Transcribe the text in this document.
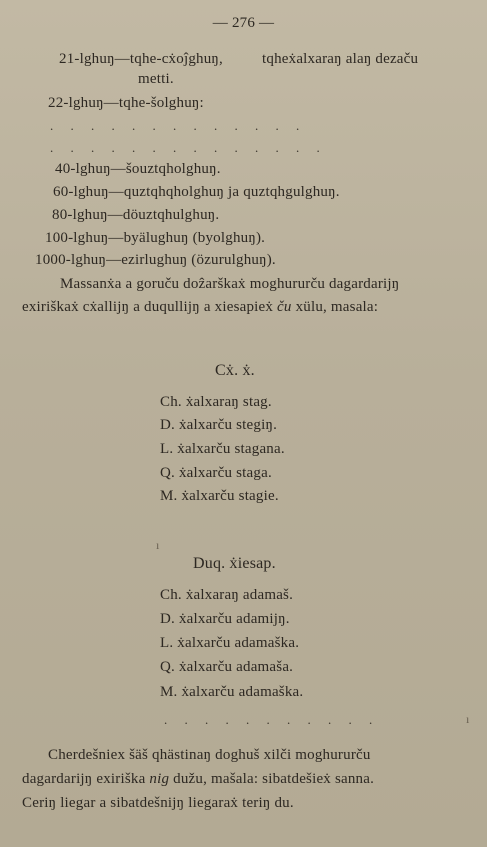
— 276 —
21-lghuŋ—tqhe-cẋoĵghuŋ,	tqheẋalxaraŋ alaŋ dezaču
metti.
22-lghuŋ—tqhe-šolghuŋ:
. . . . . . . . . . . . .
. . . . . . . . . . . . . .
40-lghuŋ—šouztqholghuŋ.
60-lghuŋ—quztqhqholghuŋ ja quztqhgulghuŋ.
80-lghuŋ—döuztqhulghuŋ.
100-lghuŋ—byälughuŋ (byolghuŋ).
1000-lghuŋ—ezirlughuŋ (özurulghuŋ).
Massanẋa a goruču doẑarškaẋ moghururču dagardarijŋ
exiriškaẋ cẋallijŋ a duqullijŋ a xiesapieẋ ču xülu, masala:
Cẋ. ẋ.
Ch. ẋalxaraŋ stag.
D. ẋalxarču stegiŋ.
L. ẋalxarču stagana.
Q. ẋalxarču staga.
M. ẋalxarču stagie.
ı
Duq. ẋiesap.
Ch. ẋalxaraŋ adamaš.
D. ẋalxarču adamijŋ.
L. ẋalxarču adamaška.
Q. ẋalxarču adamaša.
M. ẋalxarču adamaška.
. . . . . . . . . . .	ı
Cherdešniex šäš qhästinaŋ doghuš xilči moghururču
dagardarijŋ exiriška nig dužu, mašala: sibatdešieẋ sanna.
Ceriŋ liegar a sibatdešnijŋ liegaraẋ teriŋ du.
